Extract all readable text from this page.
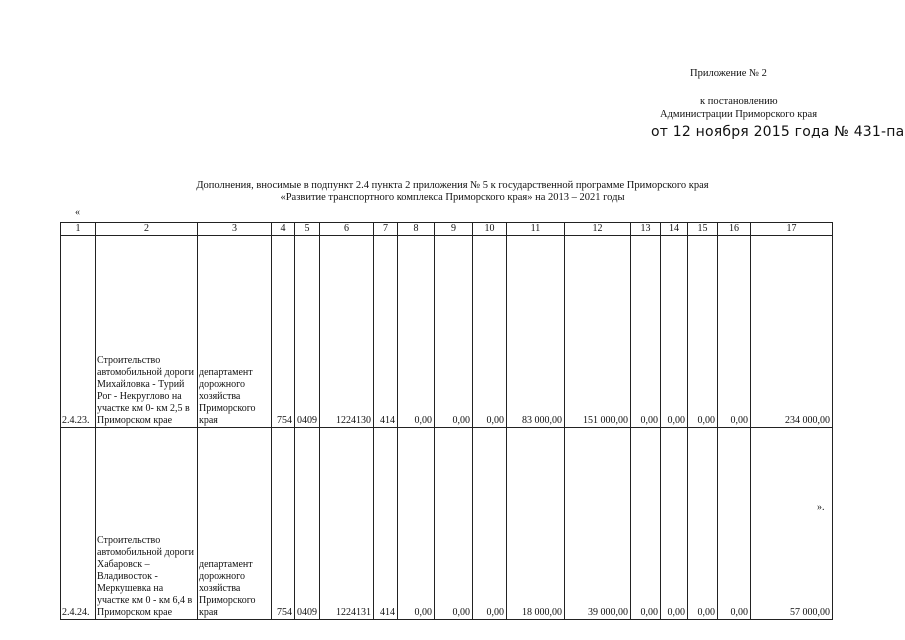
Приложение № 2
к постановлению
Администрации Приморского края
от 12 ноября 2015 года № 431-па
Дополнения, вносимые в подпункт 2.4 пункта 2 приложения № 5 к государственной программе Приморского края
«Развитие транспортного комплекса Приморского края» на 2013 – 2021 годы
«
1	2	3	4	5	6	7	8	9	10	11	12	13	14	15	16	17
2.4.23.	Строительство автомобильной дороги Михайловка - Турий Рог - Некруглово на участке км 0- км 2,5 в Приморском крае	департамент дорожного хозяйства Приморского края	754	0409	1224130	414	0,00	0,00	0,00	83 000,00	151 000,00	0,00	0,00	0,00	0,00	234 000,00
2.4.24.	Строительство автомобильной дороги Хабаровск – Владивосток - Меркушевка на участке км 0 - км 6,4 в Приморском крае	департамент дорожного хозяйства Приморского края	754	0409	1224131	414	0,00	0,00	0,00	18 000,00	39 000,00	0,00	0,00	0,00	0,00	57 000,00
».
